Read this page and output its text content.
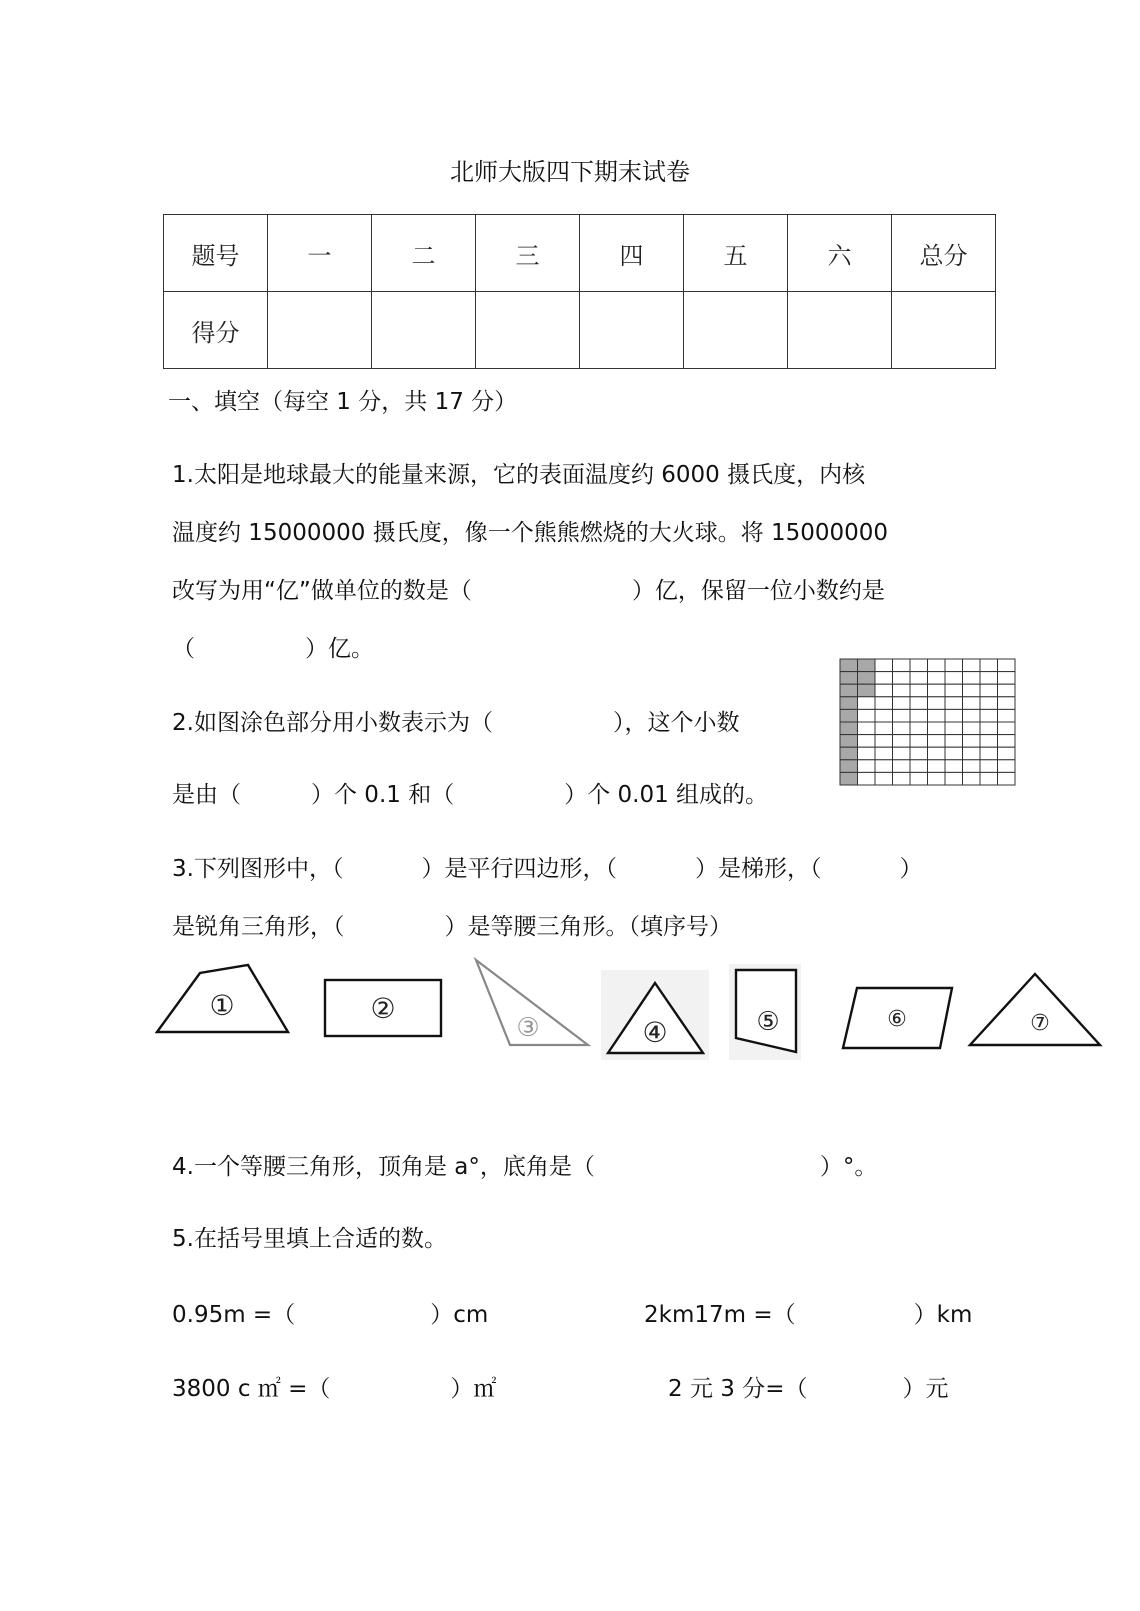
北师大版四下期末试卷
题号	一	二	三	四	五	六	总分
得分							
一、填空（每空 1 分，共 17 分）
1.太阳是地球最大的能量来源，它的表面温度约 6000 摄氏度，内核
温度约 15000000 摄氏度，像一个熊熊燃烧的大火球。将 15000000
改写为用“亿”做单位的数是（	）亿，保留一位小数约是
（	）亿。
2.如图涂色部分用小数表示为（	），这个小数
是由（	）个 0.1 和（	）个 0.01 组成的。
3.下列图形中，（	）是平行四边形，（	）是梯形，（	）
是锐角三角形，（	）是等腰三角形。（填序号）
①	②
③	④	⑤	⑥	⑦
4.一个等腰三角形，顶角是 a°，底角是（	）°。
5.在括号里填上合适的数。
0.95m =（	）cm	2km17m =（	）km
3800 c ㎡ =（	）㎡	2 元 3 分=（	）元
